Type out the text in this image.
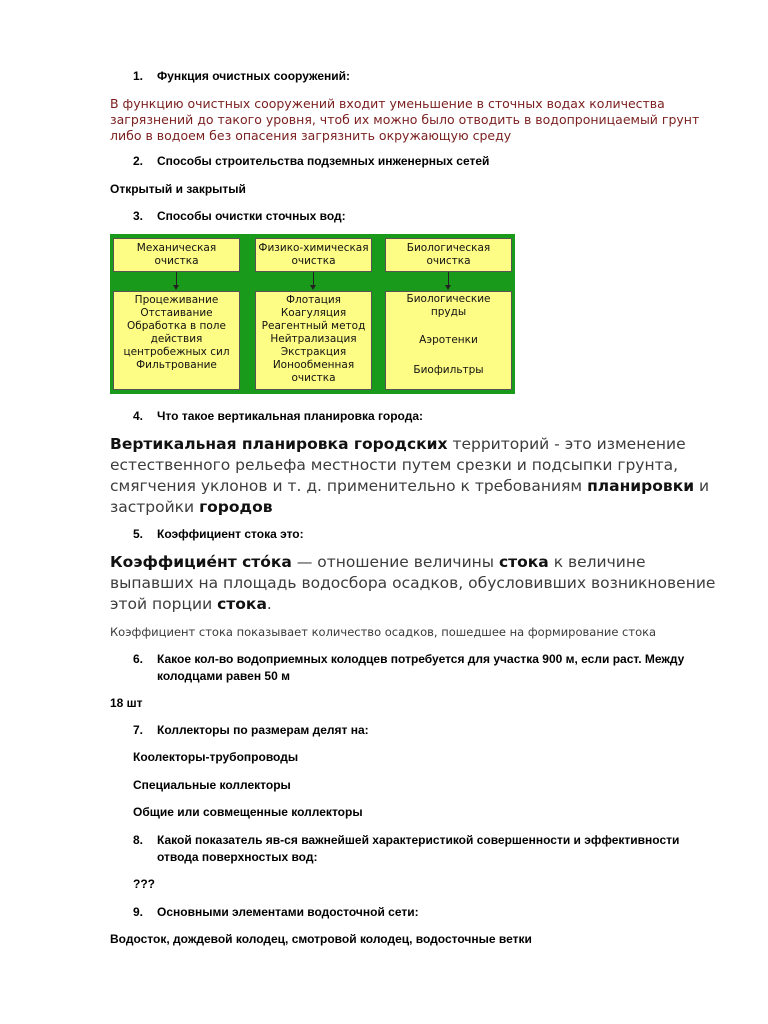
1. Функция очистных сооружений:
В функцию очистных сооружений входит уменьшение в сточных водах количества
загрязнений до такого уровня, чтоб их можно было отводить в водопроницаемый грунт
либо в водоем без опасения загрязнить окружающую среду
2. Способы строительства подземных инженерных сетей
Открытый и закрытый
3. Способы очистки сточных вод:
Механическая
очистка
Процеживание
Отстаивание
Обработка в поле
действия
центробежных сил
Фильтрование
Физико-химическая
очистка
Флотация
Коагуляция
Реагентный метод
Нейтрализация
Экстракция
Ионообменная
очистка
Биологическая
очистка
Биологические
пруды
Аэротенки
Биофильтры
4. Что такое вертикальная планировка города:
Вертикальная планировка городских территорий - это изменение
естественного рельефа местности путем срезки и подсыпки грунта,
смягчения уклонов и т. д. применительно к требованиям планировки и
застройки городов
5. Коэффициент стока это:
Коэффицие́нт сто́ка — отношение величины стока к величине
выпавших на площадь водосбора осадков, обусловивших возникновение
этой порции стока.
Коэффициент стока показывает количество осадков, пошедшее на формирование стока
6. Какое кол-во водоприемных колодцев потребуется для участка 900 м, если раст. Между
колодцами равен 50 м
18 шт
7. Коллекторы по размерам делят на:
Коолекторы-трубопроводы
Специальные коллекторы
Общие или совмещенные коллекторы
8. Какой показатель яв-ся важнейшей характеристикой совершенности и эффективности
отвода поверхностых вод:
???
9. Основными элементами водосточной сети:
Водосток, дождевой колодец, смотровой колодец, водосточные ветки
